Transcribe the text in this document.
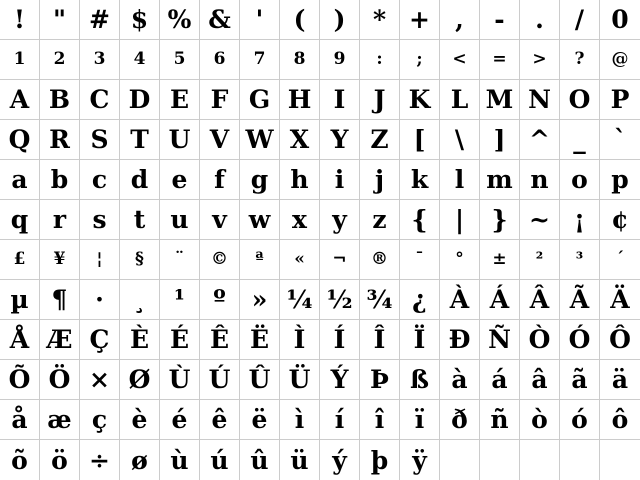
!	" # $ % & '	(	)	* +	,	-	.	/	0
1	2	3	4	5	6	7	8	9	:	;	<	=	>	?	@
A B C D E F G H I	J K L M N O P
Q R S T U V W X Y Z [	\	] ^ _	`
a b c d e	f	g h	i	j	k	l m n o p
q r	s	t	u v w x	y	z {	|	} ~ ¡	¢
£	¥	¦	§	¨	©	ª	«	¬	®	¯	°	±	²	³	´
µ ¶	·	¸	¹	º	» ¼ ½ ¾ ¿ À Á Â Ã Ä
Å Æ Ç È É Ê Ë Ì	Í	Î	Ï Ð Ñ Ò Ó Ô
Õ Ö × Ø Ù Ú Û Ü Ý Þ ß à á â ã ä
å æ ç è é ê ë	ì	í	î	ï	ð ñ ò ó ô
õ ö ÷ ø ù ú û ü ý þ ÿ
